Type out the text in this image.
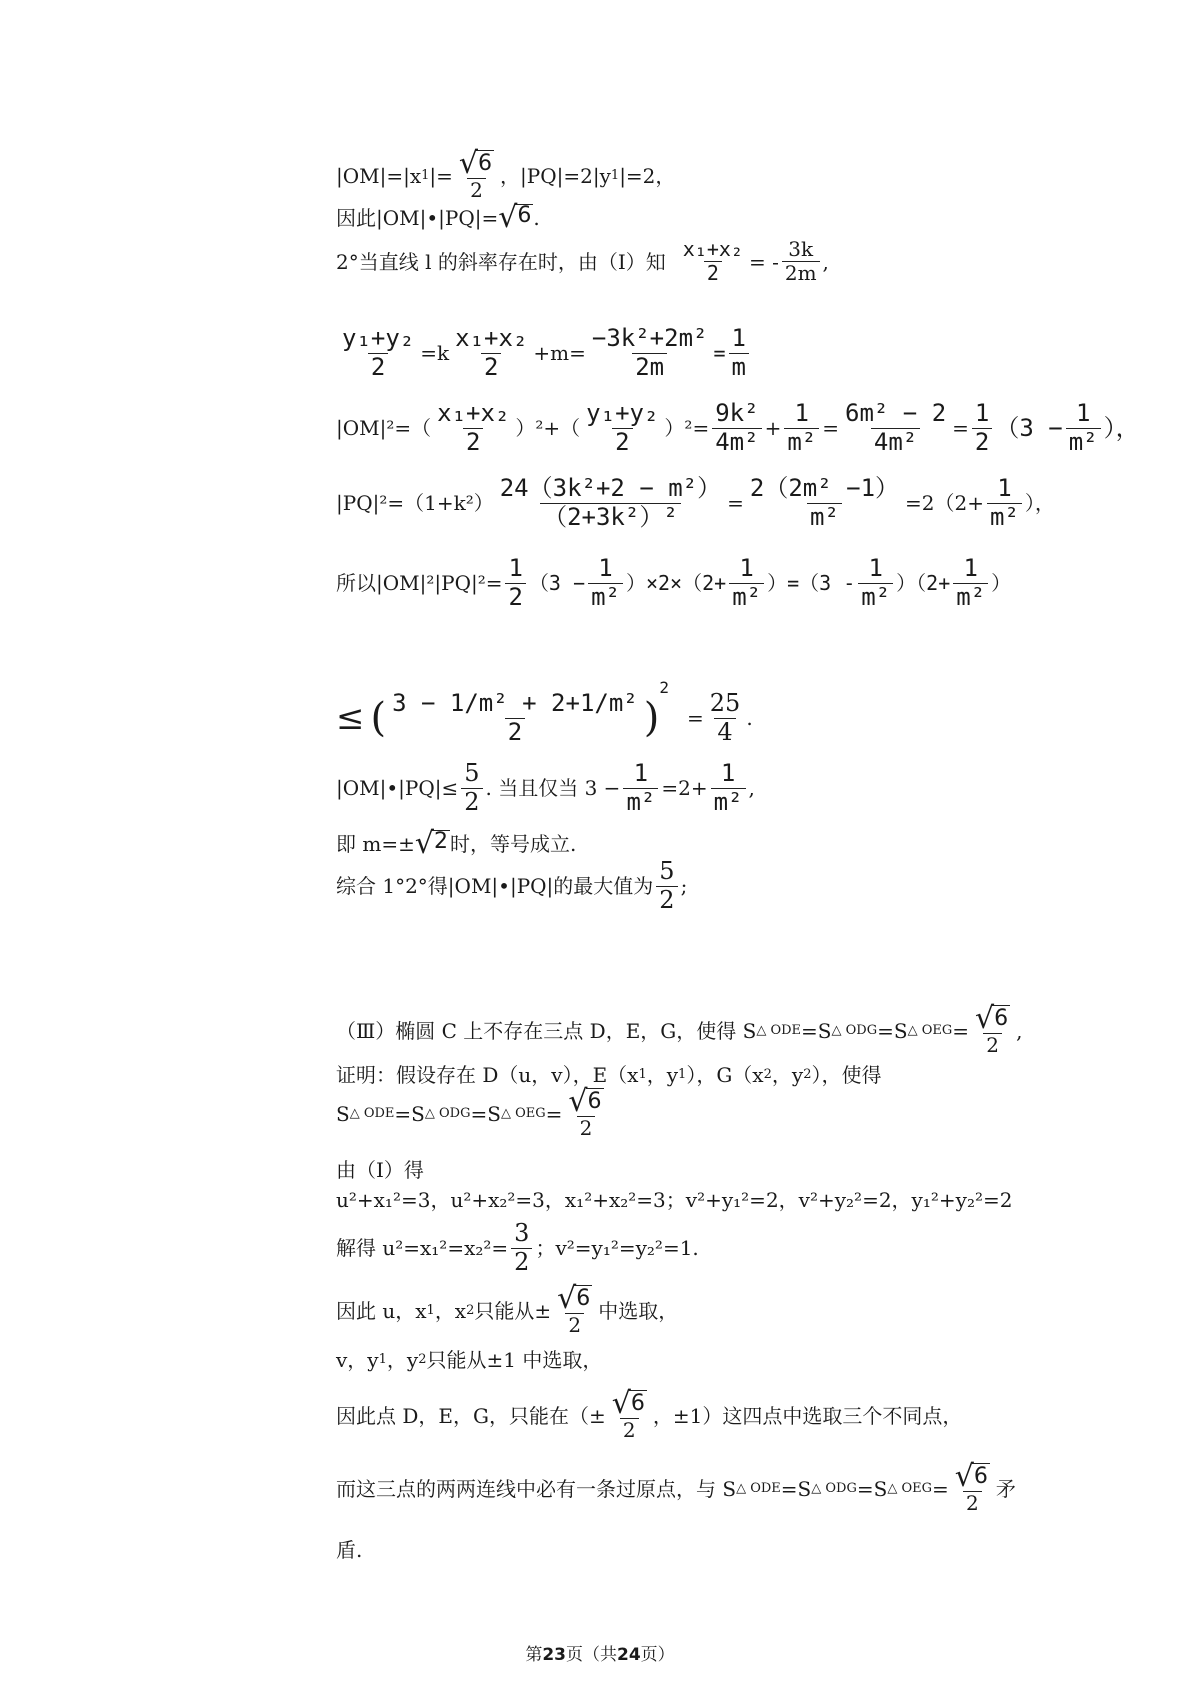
|OM|=|x 1 |= $\frac{√ 6}{2}$ ，|PQ|=2|y 1 |=2，
因此|OM|•|PQ|= √ 6 .
2°当直线 l 的斜率存在时，由（Ⅰ）知 $\frac{\text{x₁+x₂}}{2}$ = - $\frac{3k}{2m}$ ,
$\frac{\text{y₁+y₂}}{2} =k \frac{\text{x₁+x₂}}{2} +m= \frac{\text{−3k²+2m²}}{2m} = \frac{1}{m}$
$|OM|^2=( \frac{\text{x₁+x₂}}{2} )^2+( \frac{\text{y₁+y₂}}{2} )^2= \frac{\text{9k²}}{\text{4m²}} + \frac{1}{\text{m²}} = \frac{\text{6m² − 2}}{\text{4m²}} = \frac{1}{2} (3 - \frac{1}{\text{m²}}$ ），
$|PQ|^2=(1+k^2) \frac{\text{24（3k²+2 − m²）}}{\text{（2+3k²）²}} = \frac{\text{2（2m² −1）}}{\text{m²}} =2(2+ \frac{1}{\text{m²}}$ ），
所以$|OM|^2|PQ|^2= \frac{1}{2} (3 - \frac{1}{\text{m²}} )\times 2\times(2+ \frac{1}{\text{m²}} )=(3 - \frac{1}{\text{m²}} )(2+ \frac{1}{\text{m²}}$ ）
≤ ( $\frac{\text{3 − 1/m² + 2+1/m²}}{2}$ )
$^2$
= $\frac{25}{4}$ .
|OM|•|PQ|≤ $\frac{5}{2}$ . 当且仅当 $3 - \frac{1}{\text{m²}} =2+ \frac{1}{\text{m²}}$ ,
即 m=± √ 2 时，等号成立.
综合 1°2°得|OM|•|PQ|的最大值为 $\frac{5}{2}$ ;
（Ⅲ）椭圆 C 上不存在三点 D，E，G，使得 S △ ODE =S △ ODG =S △ OEG = $\frac{√ 6}{2}$ ,
证明：假设存在 D（u，v），E（x 1 ，y 1 ），G（x 2 ，y 2 ），使得
S △ ODE =S △ ODG =S △ OEG = $\frac{√ 6}{2}$
由（Ⅰ）得
u²+x₁²=3，u²+x₂²=3，x₁²+x₂²=3；v²+y₁²=2，v²+y₂²=2，y₁²+y₂²=2
解得 $u^2=x_1^2=x_2^2= \frac{3}{2}$ ；v²=y₁²=y₂²=1.
因此 u，x 1 ，x 2 只能从± $\frac{√ 6}{2}$ 中选取，
v，y 1 ，y 2 只能从±1 中选取，
因此点 D，E，G，只能在（± $\frac{√ 6}{2}$ ，±1）这四点中选取三个不同点，
而这三点的两两连线中必有一条过原点，与 S △ ODE =S △ ODG =S △ OEG = $\frac{√ 6}{2}$ 矛
盾.
第23页（共24页）
